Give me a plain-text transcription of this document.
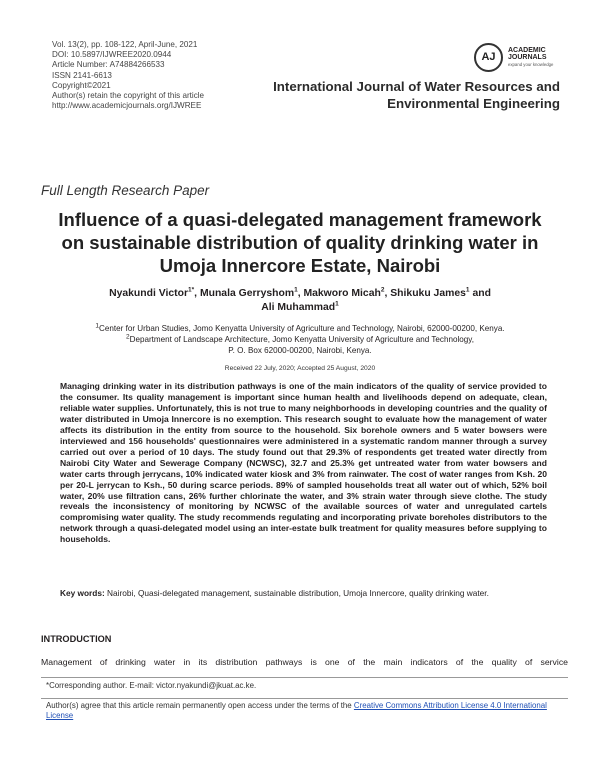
Vol. 13(2), pp. 108-122, April-June, 2021
DOI: 10.5897/IJWREE2020.0944
Article Number: A74884266533
ISSN 2141-6613
Copyright©2021
Author(s) retain the copyright of this article
http://www.academicjournals.org/IJWREE
AJ
ACADEMIC
JOURNALS
expand your knowledge
International Journal of Water Resources and
Environmental Engineering
Full Length Research Paper
Influence of a quasi-delegated management framework
on sustainable distribution of quality drinking water in
Umoja Innercore Estate, Nairobi
Nyakundi Victor$^{1*}$, Munala Gerryshom$^1$, Makworo Micah$^2$, Shikuku James$^1$ and
Ali Muhammad$^1$
$^1$Center for Urban Studies, Jomo Kenyatta University of Agriculture and Technology, Nairobi, 62000-00200, Kenya.
$^2$Department of Landscape Architecture, Jomo Kenyatta University of Agriculture and Technology,
P. O. Box 62000-00200, Nairobi, Kenya.
Received 22 July, 2020; Accepted 25 August, 2020
Managing drinking water in its distribution pathways is one of the main indicators of the quality of service provided to the consumer. Its quality management is important since human health and livelihoods depend on adequate, clean, reliable water supplies. Unfortunately, this is not true to many neighborhoods in developing countries and the quality of water distributed in Umoja Innercore is no exemption. This research sought to evaluate how the management of water affects its distribution in the entity from source to the household. Six borehole owners and 5 water bowsers were interviewed and 156 households' questionnaires were administered in a systematic random manner through a survey carried out over a period of 10 days. The study found out that 29.3% of respondents get treated water directly from Nairobi City Water and Sewerage Company (NCWSC), 32.7 and 25.3% get untreated water from water bowsers and water carts through jerrycans, 10% indicated water kiosk and 3% from rainwater. The cost of water ranges from Ksh. 20 per 20-L jerrycan to Ksh., 50 during scarce periods. 89% of sampled households treat all water out of which, 52% boil water, 20% use filtration cans, 26% further chlorinate the water, and 3% strain water through sieve clothe. The study reveals the inconsistency of monitoring by NCWSC of the available sources of water and unregulated cartels compromising water quality. The study recommends regulating and incorporating private boreholes distributors to the network through a quasi-delegated model using an inter-estate bulk treatment for quality measures before supplying to households.
Key words: Nairobi, Quasi-delegated management, sustainable distribution, Umoja Innercore, quality drinking water.
INTRODUCTION
Management of drinking water in its distribution pathways is one of the main indicators of the quality of service
*Corresponding author. E-mail: victor.nyakundi@jkuat.ac.ke.
Author(s) agree that this article remain permanently open access under the terms of the Creative Commons Attribution License 4.0 International License
